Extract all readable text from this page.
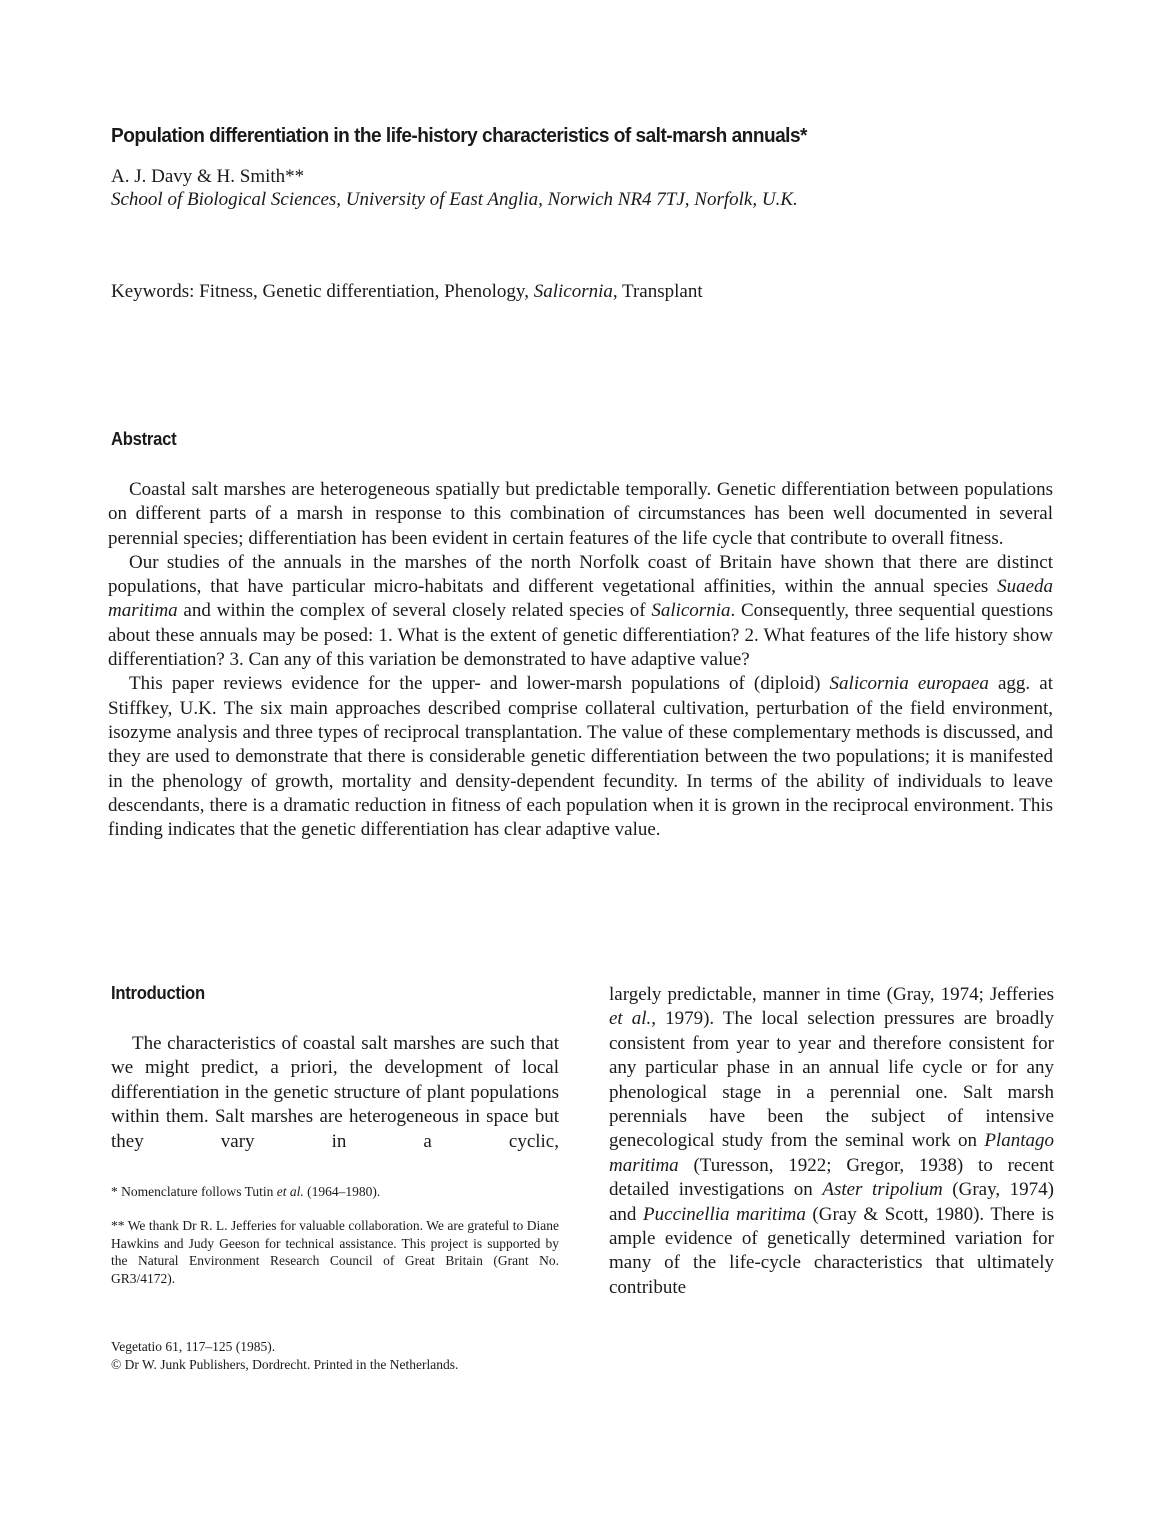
Population differentiation in the life-history characteristics of salt-marsh annuals*
A. J. Davy & H. Smith**
School of Biological Sciences, University of East Anglia, Norwich NR4 7TJ, Norfolk, U.K.
Keywords: Fitness, Genetic differentiation, Phenology, Salicornia, Transplant
Abstract

Coastal salt marshes are heterogeneous spatially but predictable temporally. Genetic differentiation between populations on different parts of a marsh in response to this combination of circumstances has been well documented in several perennial species; differentiation has been evident in certain features of the life cycle that contribute to overall fitness.

Our studies of the annuals in the marshes of the north Norfolk coast of Britain have shown that there are distinct populations, that have particular micro-habitats and different vegetational affinities, within the annual species Suaeda maritima and within the complex of several closely related species of Salicornia. Consequently, three sequential questions about these annuals may be posed: 1. What is the extent of genetic differentiation? 2. What features of the life history show differentiation? 3. Can any of this variation be demonstrated to have adaptive value?

This paper reviews evidence for the upper- and lower-marsh populations of (diploid) Salicornia europaea agg. at Stiffkey, U.K. The six main approaches described comprise collateral cultivation, perturbation of the field environment, isozyme analysis and three types of reciprocal transplantation. The value of these complementary methods is discussed, and they are used to demonstrate that there is considerable genetic differentiation between the two populations; it is manifested in the phenology of growth, mortality and density-dependent fecundity. In terms of the ability of individuals to leave descendants, there is a dramatic reduction in fitness of each population when it is grown in the reciprocal environment. This finding indicates that the genetic differentiation has clear adaptive value.

Introduction

The characteristics of coastal salt marshes are such that we might predict, a priori, the development of local differentiation in the genetic structure of plant populations within them. Salt marshes are heterogeneous in space but they vary in a cyclic,

* Nomenclature follows Tutin et al. (1964–1980).
** We thank Dr R. L. Jefferies for valuable collaboration. We are grateful to Diane Hawkins and Judy Geeson for technical assistance. This project is supported by the Natural Environment Research Council of Great Britain (Grant No. GR3/4172).
Vegetatio 61, 117–125 (1985).
© Dr W. Junk Publishers, Dordrecht. Printed in the Netherlands.

largely predictable, manner in time (Gray, 1974; Jefferies et al., 1979). The local selection pressures are broadly consistent from year to year and therefore consistent for any particular phase in an annual life cycle or for any phenological stage in a perennial one. Salt marsh perennials have been the subject of intensive genecological study from the seminal work on Plantago maritima (Turesson, 1922; Gregor, 1938) to recent detailed investigations on Aster tripolium (Gray, 1974) and Puccinellia maritima (Gray & Scott, 1980). There is ample evidence of genetically determined variation for many of the life-cycle characteristics that ultimately contribute
